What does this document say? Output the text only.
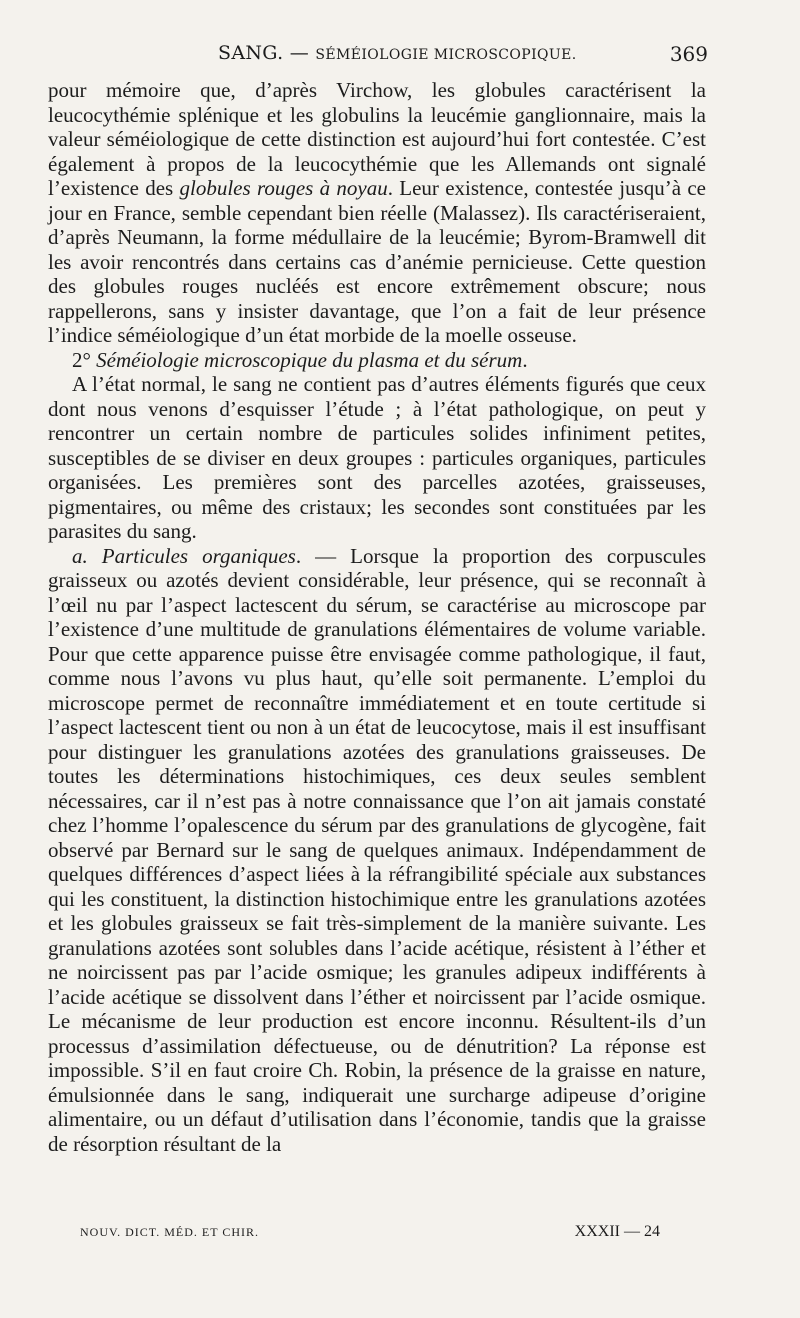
SANG. — SÉMÉIOLOGIE MICROSCOPIQUE.	369

pour mémoire que, d’après Virchow, les globules caractérisent la leucocythémie splénique et les globulins la leucémie ganglionnaire, mais la valeur séméiologique de cette distinction est aujourd’hui fort contestée. C’est également à propos de la leucocythémie que les Allemands ont signalé l’existence des globules rouges à noyau. Leur existence, contestée jusqu’à ce jour en France, semble cependant bien réelle (Malassez). Ils caractériseraient, d’après Neumann, la forme médullaire de la leucémie; Byrom-Bramwell dit les avoir rencontrés dans certains cas d’anémie pernicieuse. Cette question des globules rouges nucléés est encore extrêmement obscure; nous rappellerons, sans y insister davantage, que l’on a fait de leur présence l’indice séméiologique d’un état morbide de la moelle osseuse.

2° Séméiologie microscopique du plasma et du sérum.

A l’état normal, le sang ne contient pas d’autres éléments figurés que ceux dont nous venons d’esquisser l’étude ; à l’état pathologique, on peut y rencontrer un certain nombre de particules solides infiniment petites, susceptibles de se diviser en deux groupes : particules organiques, particules organisées. Les premières sont des parcelles azotées, graisseuses, pigmentaires, ou même des cristaux; les secondes sont constituées par les parasites du sang.

a. Particules organiques. — Lorsque la proportion des corpuscules graisseux ou azotés devient considérable, leur présence, qui se reconnaît à l’œil nu par l’aspect lactescent du sérum, se caractérise au microscope par l’existence d’une multitude de granulations élémentaires de volume variable. Pour que cette apparence puisse être envisagée comme pathologique, il faut, comme nous l’avons vu plus haut, qu’elle soit permanente. L’emploi du microscope permet de reconnaître immédiatement et en toute certitude si l’aspect lactescent tient ou non à un état de leucocytose, mais il est insuffisant pour distinguer les granulations azotées des granulations graisseuses. De toutes les déterminations histochimiques, ces deux seules semblent nécessaires, car il n’est pas à notre connaissance que l’on ait jamais constaté chez l’homme l’opalescence du sérum par des granulations de glycogène, fait observé par Bernard sur le sang de quelques animaux. Indépendamment de quelques différences d’aspect liées à la réfrangibilité spéciale aux substances qui les constituent, la distinction histochimique entre les granulations azotées et les globules graisseux se fait très-simplement de la manière suivante. Les granulations azotées sont solubles dans l’acide acétique, résistent à l’éther et ne noircissent pas par l’acide osmique; les granules adipeux indifférents à l’acide acétique se dissolvent dans l’éther et noircissent par l’acide osmique. Le mécanisme de leur production est encore inconnu. Résultent-ils d’un processus d’assimilation défectueuse, ou de dénutrition? La réponse est impossible. S’il en faut croire Ch. Robin, la présence de la graisse en nature, émulsionnée dans le sang, indiquerait une surcharge adipeuse d’origine alimentaire, ou un défaut d’utilisation dans l’économie, tandis que la graisse de résorption résultant de la

NOUV. DICT. MÉD. ET CHIR.	XXXII — 24
